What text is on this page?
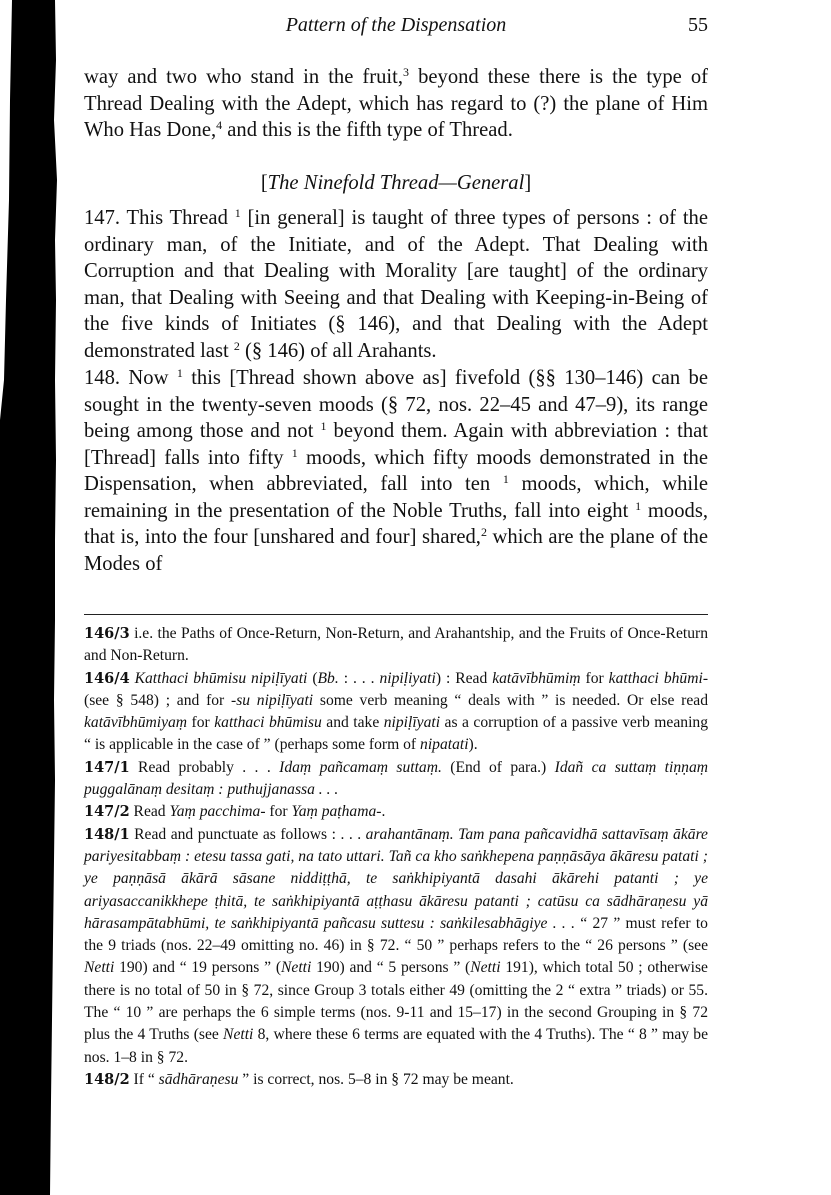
Pattern of the Dispensation	55

way and two who stand in the fruit,$^3$ beyond these there is the type of Thread Dealing with the Adept, which has regard to (?) the plane of Him Who Has Done,$^4$ and this is the fifth type of Thread.

[The Ninefold Thread—General]

147. This Thread $^1$ [in general] is taught of three types of persons : of the ordinary man, of the Initiate, and of the Adept. That Dealing with Corruption and that Dealing with Morality [are taught] of the ordinary man, that Dealing with Seeing and that Dealing with Keeping-in-Being of the five kinds of Initiates (§ 146), and that Dealing with the Adept demonstrated last $^2$ (§ 146) of all Arahants.

148. Now $^1$ this [Thread shown above as] fivefold (§§ 130–146) can be sought in the twenty-seven moods (§ 72, nos. 22–45 and 47–9), its range being among those and not $^1$ beyond them. Again with abbreviation : that [Thread] falls into fifty $^1$ moods, which fifty moods demonstrated in the Dispensation, when abbreviated, fall into ten $^1$ moods, which, while remaining in the presentation of the Noble Truths, fall into eight $^1$ moods, that is, into the four [unshared and four] shared,$^2$ which are the plane of the Modes of

146/3 i.e. the Paths of Once-Return, Non-Return, and Arahantship, and the Fruits of Once-Return and Non-Return.

146/4 Katthaci bhūmisu nipiḷīyati (Bb. : . . . nipiḷiyati) : Read katāvībhūmiṃ for katthaci bhūmi- (see § 548) ; and for -su nipiḷīyati some verb meaning “ deals with ” is needed. Or else read katāvībhūmiyaṃ for katthaci bhūmisu and take nipiḷīyati as a corruption of a passive verb meaning “ is applicable in the case of ” (perhaps some form of nipatati).

147/1 Read probably . . . Idaṃ pañcamaṃ suttaṃ. (End of para.) Idañ ca suttaṃ tiṇṇaṃ puggalānaṃ desitaṃ : puthujjanassa . . .

147/2 Read Yaṃ pacchima- for Yaṃ paṭhama-.

148/1 Read and punctuate as follows : . . . arahantānaṃ. Tam pana pañcavidhā sattavīsaṃ ākāre pariyesitabbaṃ : etesu tassa gati, na tato uttari. Tañ ca kho saṅkhepena paṇṇāsāya ākāresu patati ; ye paṇṇāsā ākārā sāsane niddiṭṭhā, te saṅkhipiyantā dasahi ākārehi patanti ; ye ariyasaccanikkhepe ṭhitā, te saṅkhipiyantā aṭṭhasu ākāresu patanti ; catūsu ca sādhāraṇesu yā hārasampātabhūmi, te saṅkhipiyantā pañcasu suttesu : saṅkilesabhāgiye . . . “ 27 ” must refer to the 9 triads (nos. 22–49 omitting no. 46) in § 72. “ 50 ” perhaps refers to the “ 26 persons ” (see Netti 190) and “ 19 persons ” (Netti 190) and “ 5 persons ” (Netti 191), which total 50 ; otherwise there is no total of 50 in § 72, since Group 3 totals either 49 (omitting the 2 “ extra ” triads) or 55. The “ 10 ” are perhaps the 6 simple terms (nos. 9-11 and 15–17) in the second Grouping in § 72 plus the 4 Truths (see Netti 8, where these 6 terms are equated with the 4 Truths). The “ 8 ” may be nos. 1–8 in § 72.

148/2 If “ sādhāraṇesu ” is correct, nos. 5–8 in § 72 may be meant.
